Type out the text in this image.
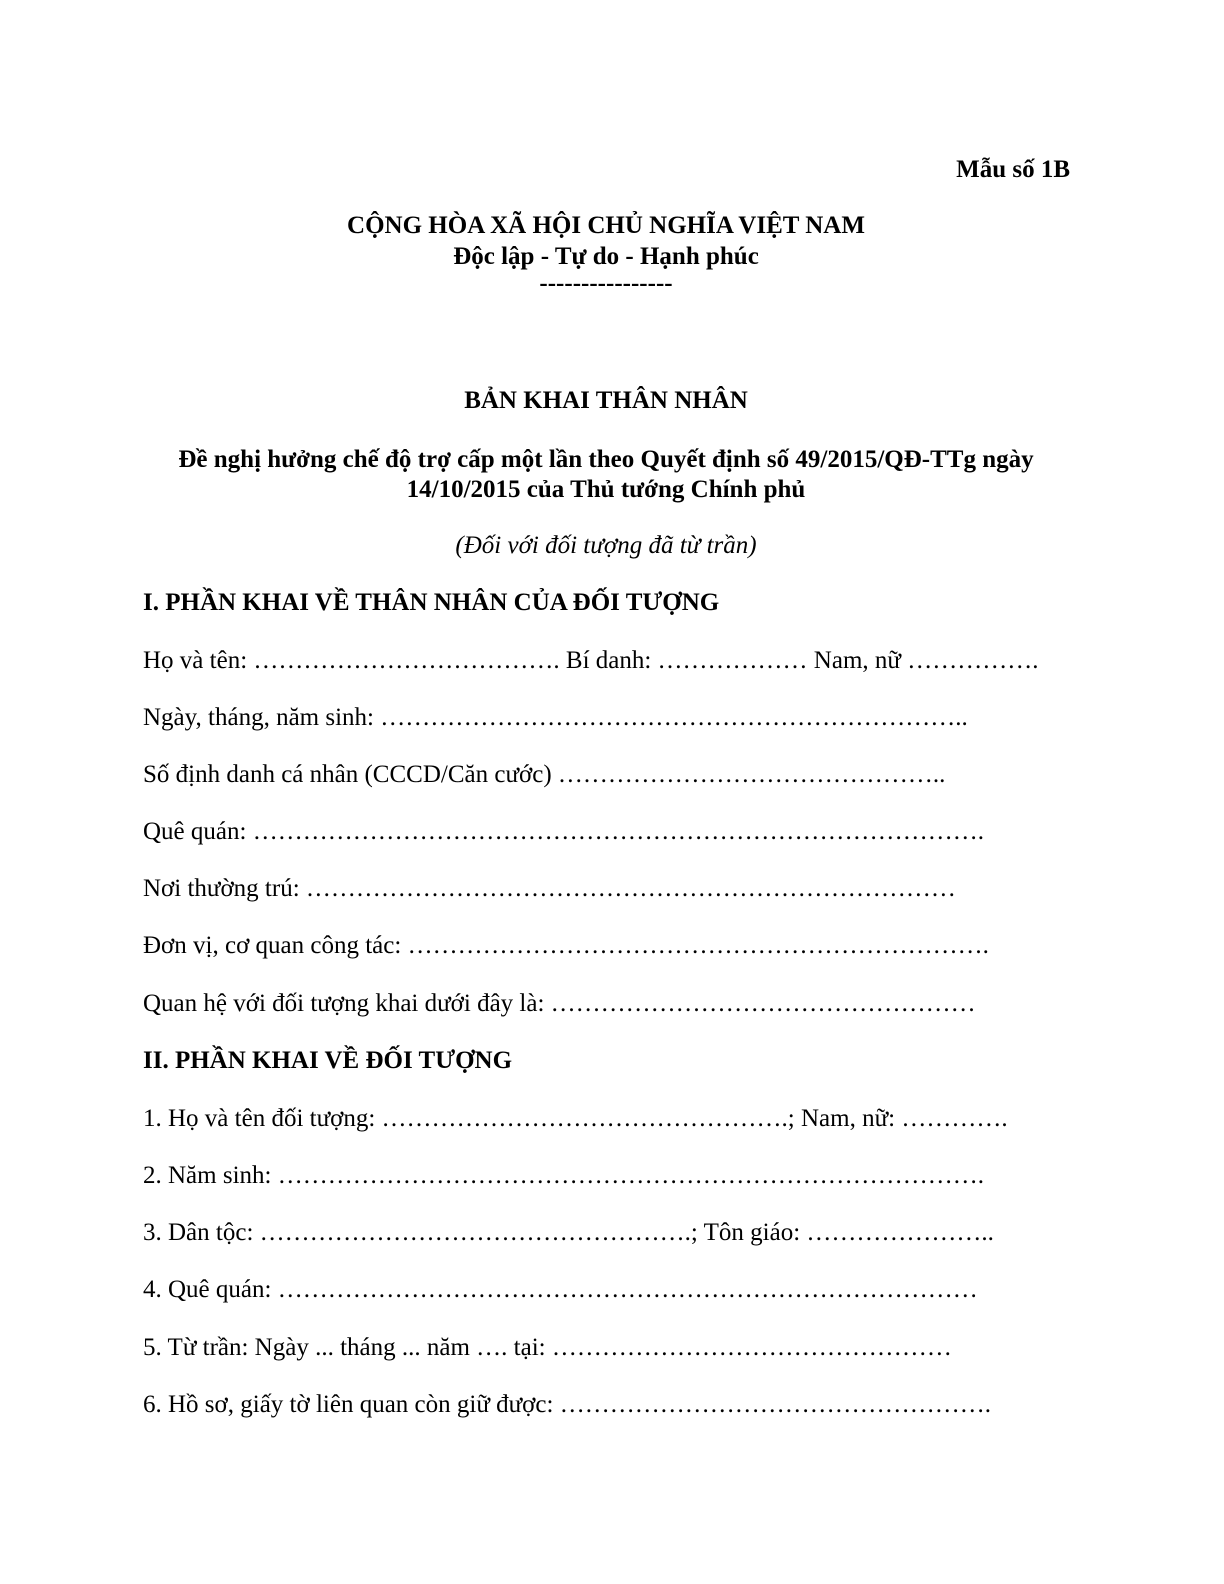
Mẫu số 1B
CỘNG HÒA XÃ HỘI CHỦ NGHĨA VIỆT NAM
Độc lập - Tự do - Hạnh phúc
----------------
BẢN KHAI THÂN NHÂN
Đề nghị hưởng chế độ trợ cấp một lần theo Quyết định số 49/2015/QĐ-TTg ngày
14/10/2015 của Thủ tướng Chính phủ
(Đối với đối tượng đã từ trần)
I. PHẦN KHAI VỀ THÂN NHÂN CỦA ĐỐI TƯỢNG
Họ và tên: ………………………………. Bí danh: ……………… Nam, nữ …………….
Ngày, tháng, năm sinh: ……………………………………………………………..
Số định danh cá nhân (CCCD/Căn cước) ………………………………………..
Quê quán: …………………………………………………………………………….
Nơi thường trú: ……………………………………………………………………
Đơn vị, cơ quan công tác: …………………………………………………………….
Quan hệ với đối tượng khai dưới đây là: ……………………………………………
II. PHẦN KHAI VỀ ĐỐI TƯỢNG
1. Họ và tên đối tượng: ………………………………………….; Nam, nữ: ………….
2. Năm sinh: ………………………………………………………………………….
3. Dân tộc: …………………………………………….; Tôn giáo: …………………..
4. Quê quán: …………………………………………………………………………
5. Từ trần: Ngày ... tháng ... năm …. tại: …………………………………………
6. Hồ sơ, giấy tờ liên quan còn giữ được: …………………………………………….
